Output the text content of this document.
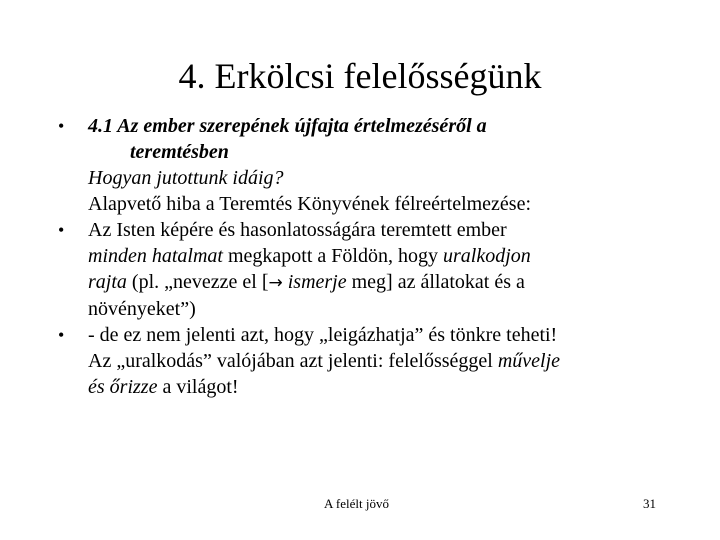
4. Erkölcsi felelősségünk
• 4.1 Az ember szerepének újfajta értelmezéséről a
teremtésben
Hogyan jutottunk idáig?
Alapvető hiba a Teremtés Könyvének félreértelmezése:
• Az Isten képére és hasonlatosságára teremtett ember
minden hatalmat megkapott a Földön, hogy uralkodjon
rajta (pl. „nevezze el [→ ismerje meg] az állatokat és a
növényeket”)
• - de ez nem jelenti azt, hogy „leigázhatja” és tönkre teheti!
Az „uralkodás” valójában azt jelenti: felelősséggel művelje
és őrizze a világot!
A felélt jövő	31
